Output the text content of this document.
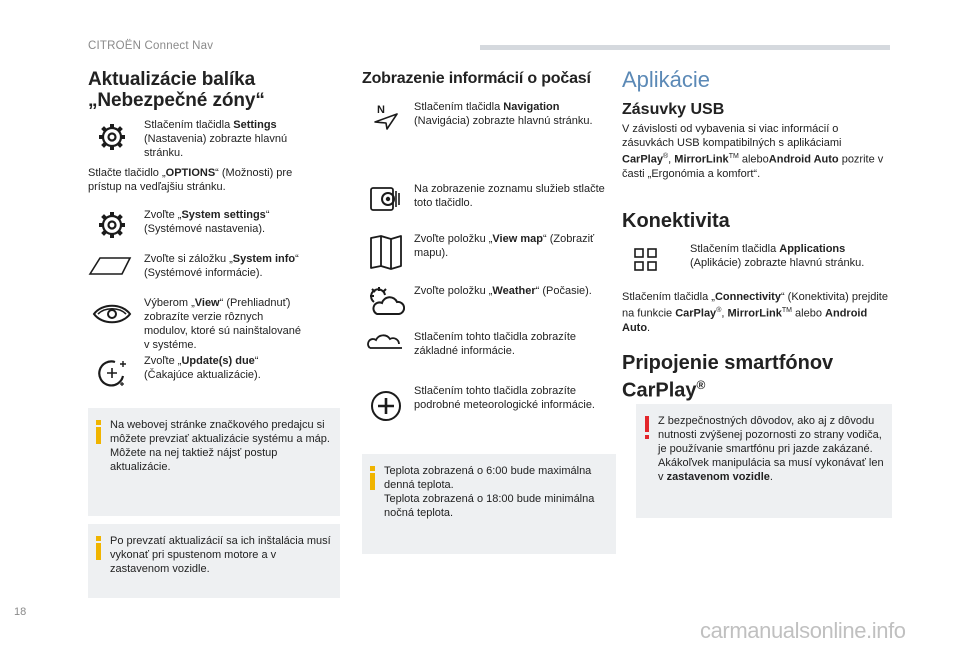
CITROËN Connect Nav
Aktualizácie balíka
„Nebezpečné zóny“
Stlačením tlačidla Settings (Nastavenia) zobrazte hlavnú stránku.

Stlačte tlačidlo „OPTIONS“ (Možnosti) pre prístup na vedľajšiu stránku.

Zvoľte „System settings“ (Systémové nastavenia).
Zvoľte si záložku „System info“ (Systémové informácie).
Výberom „View“ (Prehliadnuť) zobrazíte verzie rôznych modulov, ktoré sú nainštalované v systéme.
Zvoľte „Update(s) due“ (Čakajúce aktualizácie).
Na webovej stránke značkového predajcu si môžete prevziať aktualizácie systému a máp.
Môžete na nej taktiež nájsť postup aktualizácie.
Po prevzatí aktualizácií sa ich inštalácia musí vykonať pri spustenom motore a v zastavenom vozidle.
Zobrazenie informácií o počasí
N	Stlačením tlačidla Navigation (Navigácia) zobrazte hlavnú stránku.
Na zobrazenie zoznamu služieb stlačte toto tlačidlo.
Zvoľte položku „View map“ (Zobraziť mapu).
Zvoľte položku „Weather“ (Počasie).
Stlačením tohto tlačidla zobrazíte základné informácie.
Stlačením tohto tlačidla zobrazíte podrobné meteorologické informácie.
Teplota zobrazená o 6:00 bude maximálna denná teplota.
Teplota zobrazená o 18:00 bude minimálna nočná teplota.
Aplikácie
Zásuvky USB

V závislosti od vybavenia si viac informácií o zásuvkách USB kompatibilných s aplikáciami CarPlay®, MirrorLink™ aleboAndroid Auto pozrite v časti „Ergonómia a komfort“.

Konektivita
Stlačením tlačidla Applications (Aplikácie) zobrazte hlavnú stránku.

Stlačením tlačidla „Connectivity“ (Konektivita) prejdite na funkcie CarPlay®, MirrorLink™ alebo Android Auto.

Pripojenie smartfónov
CarPlay®
Z bezpečnostných dôvodov, ako aj z dôvodu nutnosti zvýšenej pozornosti zo strany vodiča, je používanie smartfónu pri jazde zakázané.
Akákoľvek manipulácia sa musí vykonávať len v zastavenom vozidle.
18
carmanualsonline.info
